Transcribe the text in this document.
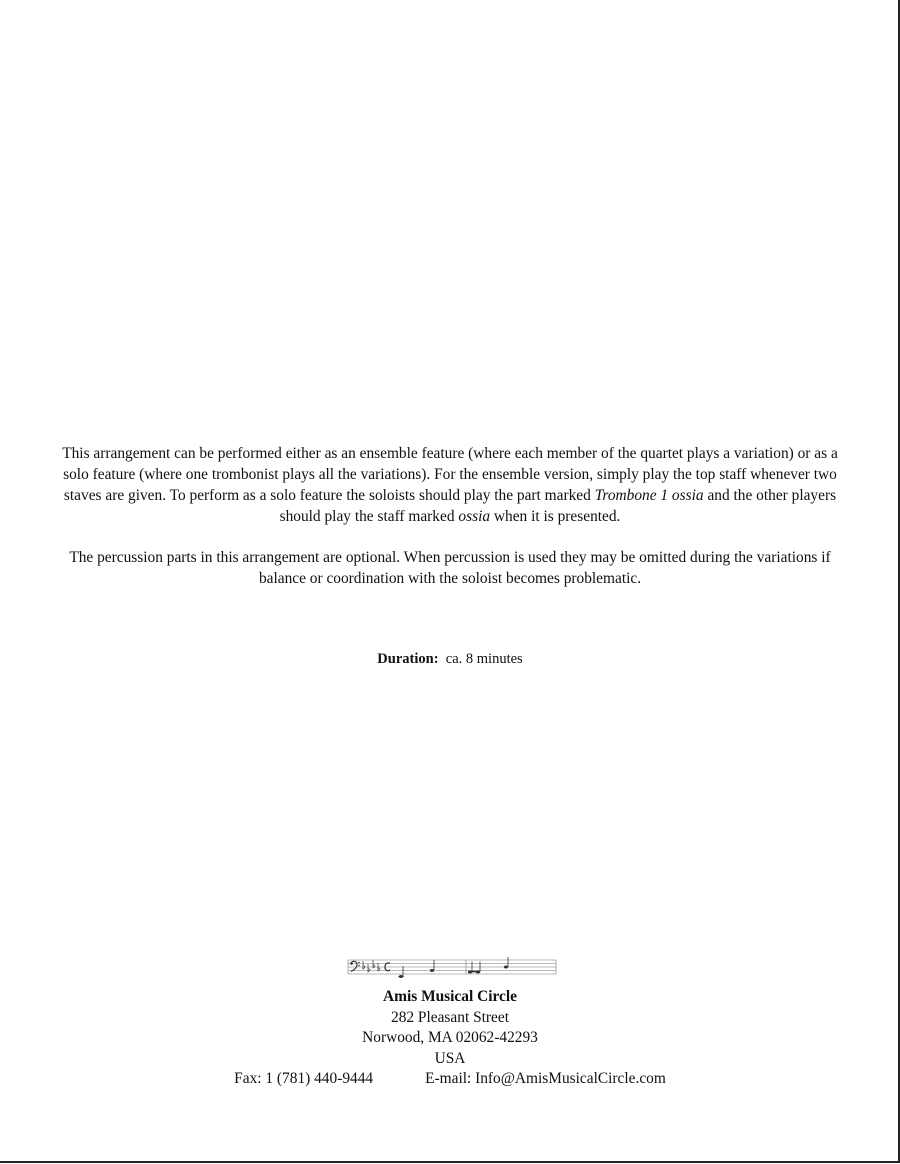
This arrangement can be performed either as an ensemble feature (where each member of the quartet plays a variation) or as a solo feature (where one trombonist plays all the variations). For the ensemble version, simply play the top staff whenever two staves are given. To perform as a solo feature the soloists should play the part marked Trombone 1 ossia and the other players should play the staff marked ossia when it is presented.

The percussion parts in this arrangement are optional. When percussion is used they may be omitted during the variations if balance or coordination with the soloist becomes problematic.

Duration: ca. 8 minutes
Amis Musical Circle
282 Pleasant Street
Norwood, MA 02062-42293
USA
Fax: 1 (781) 440-9444	E-mail: Info@AmisMusicalCircle.com
